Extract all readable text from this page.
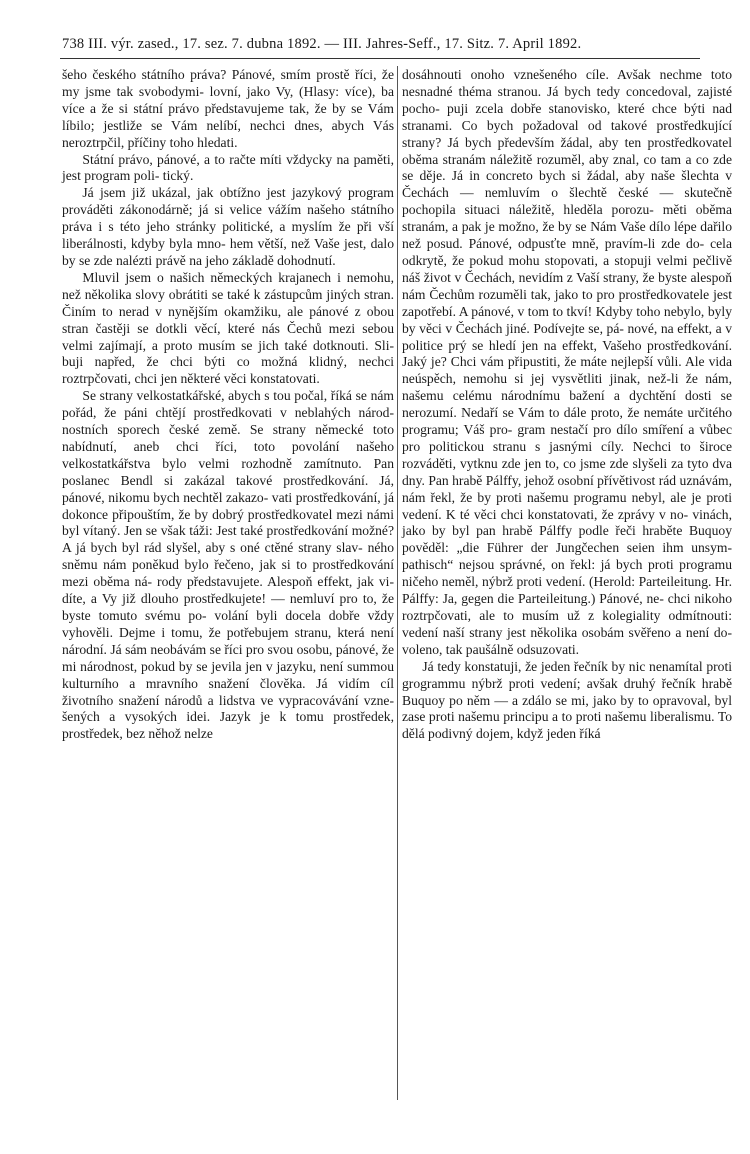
738 III. výr. zased., 17. sez. 7. dubna 1892. — III. Jahres-Seff., 17. Sitz. 7. April 1892.

šeho českého státního práva? Pánové, smím prostě říci, že my jsme tak svobodymi- lovní, jako Vy, (Hlasy: více), ba více a že si státní právo představujeme tak, že by se Vám líbilo; jestliže se Vám nelíbí, nechci dnes, abych Vás neroztrpčil, příčiny toho hledati.

Státní právo, pánové, a to račte míti vždycky na paměti, jest program poli- tický.

Já jsem již ukázal, jak obtížno jest jazykový program prováděti zákonodárně; já si velice vážím našeho státního práva i s této jeho stránky politické, a myslím že při vší liberálnosti, kdyby byla mno- hem větší, než Vaše jest, dalo by se zde nalézti právě na jeho základě dohodnutí.

Mluvil jsem o našich německých krajanech i nemohu, než několika slovy obrátiti se také k zástupcům jiných stran. Činím to nerad v nynějším okamžiku, ale pánové z obou stran častěji se dotkli věcí, které nás Čechů mezi sebou velmi zajímají, a proto musím se jich také dotknouti. Sli- buji napřed, že chci býti co možná klidný, nechci roztrpčovati, chci jen některé věci konstatovati.

Se strany velkostatkářské, abych s tou počal, říká se nám pořád, že páni chtějí prostředkovati v neblahých národ- nostních sporech české země. Se strany německé toto nabídnutí, aneb chci říci, toto povolání našeho velkostatkářstva bylo velmi rozhodně zamítnuto. Pan poslanec Bendl si zakázal takové prostředkování. Já, pánové, nikomu bych nechtěl zakazo- vati prostředkování, já dokonce připouštím, že by dobrý prostředkovatel mezi námi byl vítaný. Jen se však táži: Jest také prostředkování možné? A já bych byl rád slyšel, aby s oné ctěné strany slav- ného sněmu nám poněkud bylo řečeno, jak si to prostředkování mezi oběma ná- rody představujete. Alespoň effekt, jak vi- díte, a Vy již dlouho prostředkujete! — nemluví pro to, že byste tomuto svému po- volání byli docela dobře vždy vyhověli. Dejme i tomu, že potřebujem stranu, která není národní. Já sám neobávám se říci pro svou osobu, pánové, že mi národnost, pokud by se jevila jen v jazyku, není summou kulturního a mravního snažení člověka. Já vidím cíl životního snažení národů a lidstva ve vypracovávání vzne- šených a vysokých idei. Jazyk je k tomu prostředek, prostředek, bez něhož nelze

dosáhnouti onoho vznešeného cíle. Avšak nechme toto nesnadné théma stranou. Já bych tedy concedoval, zajisté pocho- puji zcela dobře stanovisko, které chce býti nad stranami. Co bych požadoval od takové prostředkující strany? Já bych především žádal, aby ten prostředkovatel oběma stranám náležitě rozuměl, aby znal, co tam a co zde se děje. Já in concreto bych si žádal, aby naše šlechta v Čechách — nemluvím o šlechtě české — skutečně pochopila situaci náležitě, hleděla porozu- měti oběma stranám, a pak je možno, že by se Nám Vaše dílo lépe dařilo než posud. Pánové, odpusťte mně, pravím-li zde do- cela odkrytě, že pokud mohu stopovati, a stopuji velmi pečlivě náš život v Čechách, nevidím z Vaší strany, že byste alespoň nám Čechům rozuměli tak, jako to pro prostředkovatele jest zapotřebí. A pánové, v tom to tkví! Kdyby toho nebylo, byly by věci v Čechách jiné. Podívejte se, pá- nové, na effekt, a v politice prý se hledí jen na effekt, Vašeho prostředkování. Jaký je? Chci vám připustiti, že máte nejlepší vůli. Ale vida neúspěch, nemohu si jej vysvětliti jinak, než-li že nám, našemu celému národnímu bažení a dychtění dosti se nerozumí. Nedaří se Vám to dále proto, že nemáte určitého programu; Váš pro- gram nestačí pro dílo smíření a vůbec pro politickou stranu s jasnými cíly. Nechci to široce rozváděti, vytknu zde jen to, co jsme zde slyšeli za tyto dva dny. Pan hrabě Pálffy, jehož osobní přívětivost rád uznávám, nám řekl, že by proti našemu programu nebyl, ale je proti vedení. K té věci chci konstatovati, že zprávy v no- vinách, jako by byl pan hrabě Pálffy podle řeči hraběte Buquoy pověděl: „die Führer der Jungčechen seien ihm unsym- pathisch“ nejsou správné, on řekl: já bych proti programu ničeho neměl, nýbrž proti vedení. (Herold: Parteileitung. Hr. Pálffy: Ja, gegen die Parteileitung.) Pánové, ne- chci nikoho roztrpčovati, ale to musím už z kolegiality odmítnouti: vedení naší strany jest několika osobám svěřeno a není do- voleno, tak paušálně odsuzovati.

Já tedy konstatuji, že jeden řečník by nic nenamítal proti grogrammu nýbrž proti vedení; avšak druhý řečník hrabě Buquoy po něm — a zdálo se mi, jako by to opravoval, byl zase proti našemu principu a to proti našemu liberalismu. To dělá podivný dojem, když jeden říká
